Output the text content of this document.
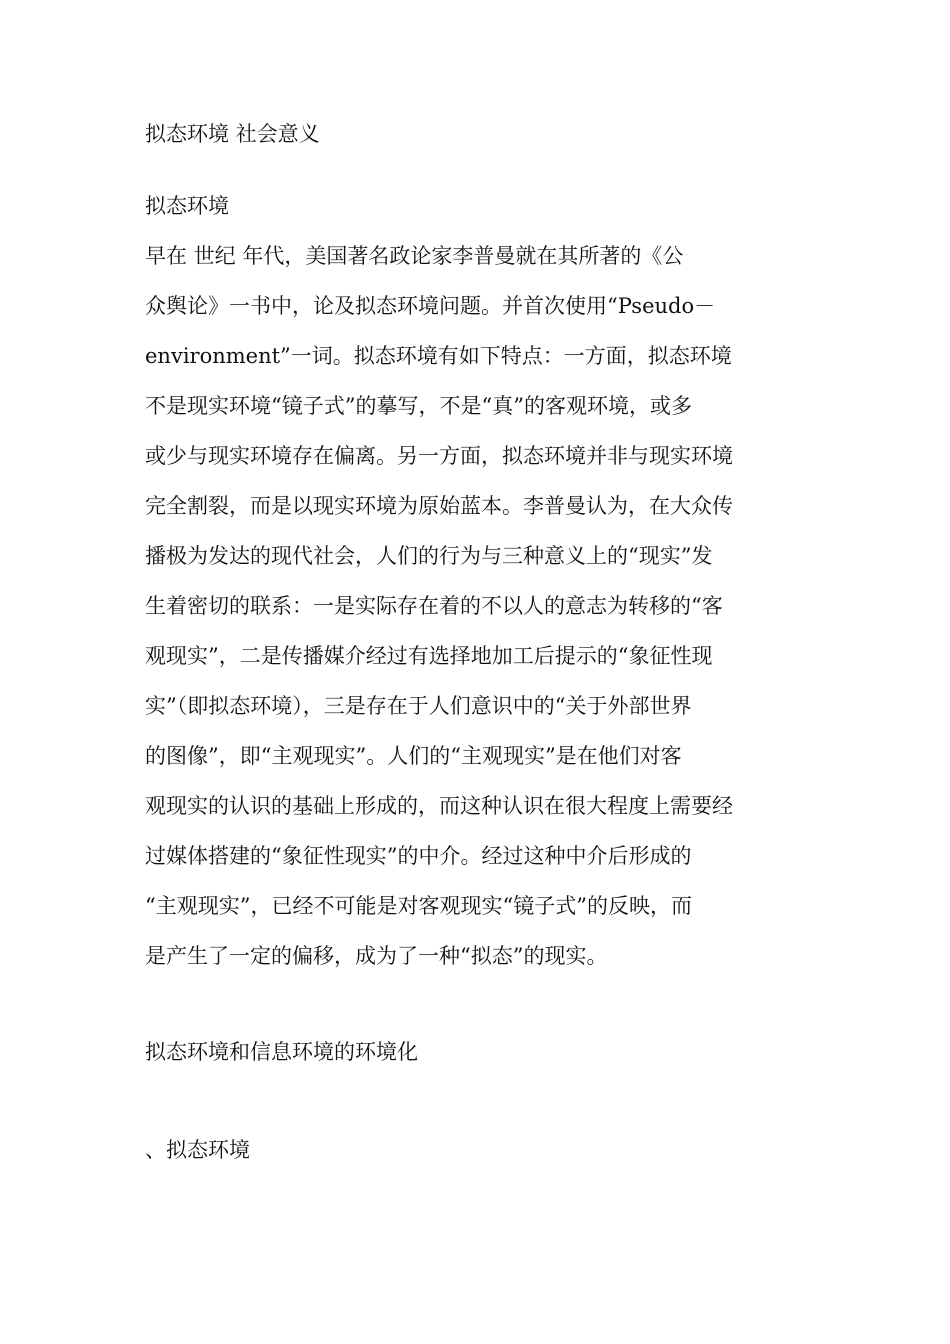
拟态环境 社会意义
拟态环境
早在 世纪 年代，美国著名政论家李普曼就在其所著的《公
众舆论》一书中，论及拟态环境问题。并首次使用“Pseudo－
environment”一词。拟态环境有如下特点：一方面，拟态环境
不是现实环境“镜子式”的摹写，不是“真”的客观环境，或多
或少与现实环境存在偏离。另一方面，拟态环境并非与现实环境
完全割裂，而是以现实环境为原始蓝本。李普曼认为，在大众传
播极为发达的现代社会，人们的行为与三种意义上的“现实”发
生着密切的联系：一是实际存在着的不以人的意志为转移的“客
观现实”，二是传播媒介经过有选择地加工后提示的“象征性现
实”（即拟态环境），三是存在于人们意识中的“关于外部世界
的图像”，即“主观现实”。人们的“主观现实”是在他们对客
观现实的认识的基础上形成的，而这种认识在很大程度上需要经
过媒体搭建的“象征性现实”的中介。经过这种中介后形成的
“主观现实”，已经不可能是对客观现实“镜子式”的反映，而
是产生了一定的偏移，成为了一种“拟态”的现实。
拟态环境和信息环境的环境化
、拟态环境
